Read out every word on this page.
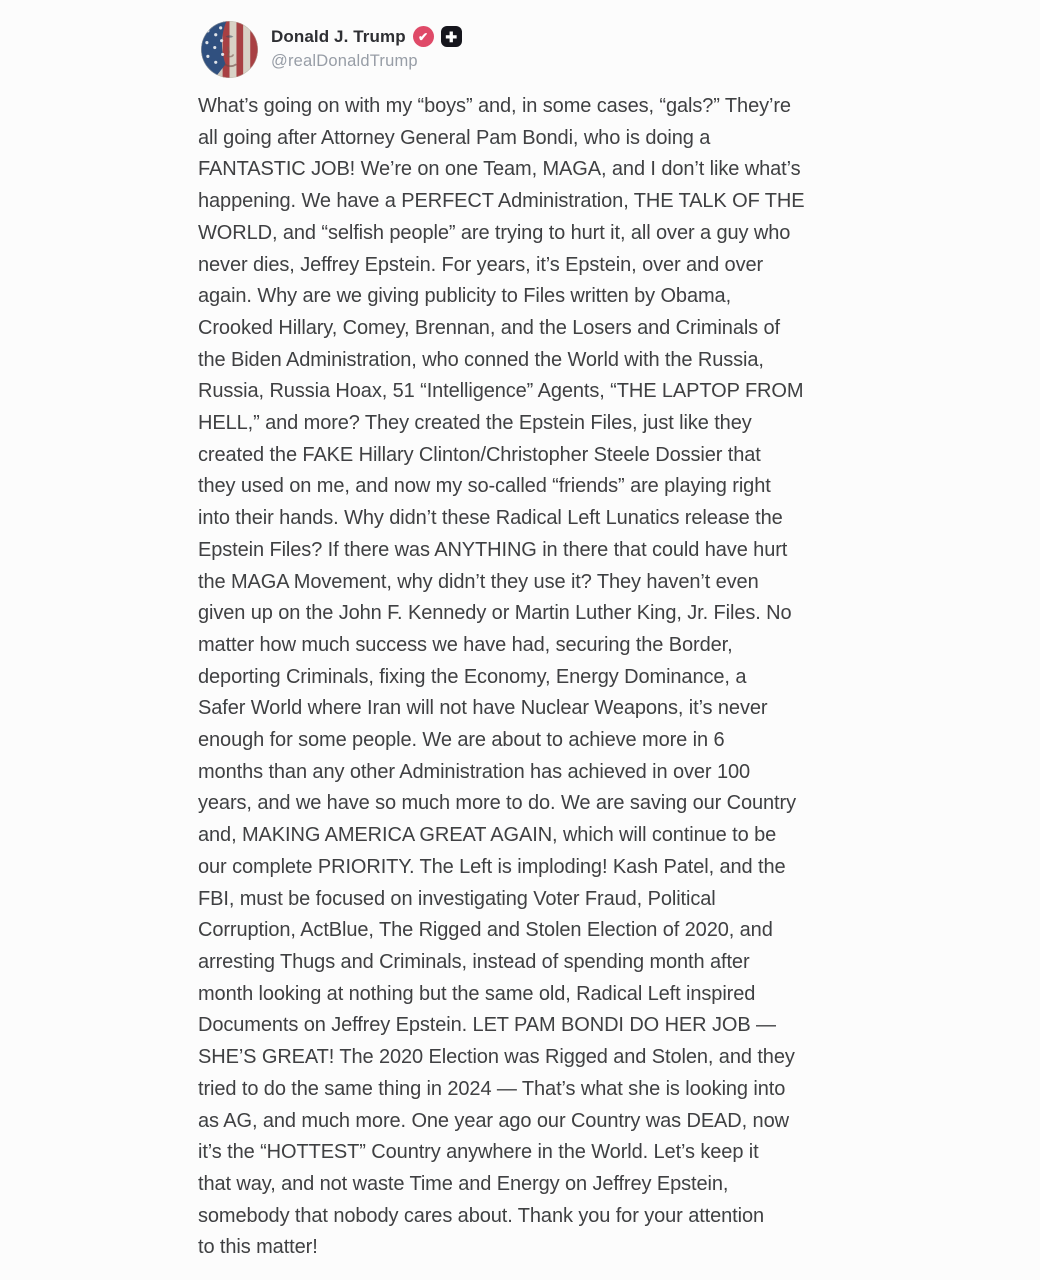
Donald J. Trump	✔	✚
@realDonaldTrump
What’s going on with my “boys” and, in some cases, “gals?” They’re
all going after Attorney General Pam Bondi, who is doing a
FANTASTIC JOB! We’re on one Team, MAGA, and I don’t like what’s
happening. We have a PERFECT Administration, THE TALK OF THE
WORLD, and “selfish people” are trying to hurt it, all over a guy who
never dies, Jeffrey Epstein. For years, it’s Epstein, over and over
again. Why are we giving publicity to Files written by Obama,
Crooked Hillary, Comey, Brennan, and the Losers and Criminals of
the Biden Administration, who conned the World with the Russia,
Russia, Russia Hoax, 51 “Intelligence” Agents, “THE LAPTOP FROM
HELL,” and more? They created the Epstein Files, just like they
created the FAKE Hillary Clinton/Christopher Steele Dossier that
they used on me, and now my so-called “friends” are playing right
into their hands. Why didn’t these Radical Left Lunatics release the
Epstein Files? If there was ANYTHING in there that could have hurt
the MAGA Movement, why didn’t they use it? They haven’t even
given up on the John F. Kennedy or Martin Luther King, Jr. Files. No
matter how much success we have had, securing the Border,
deporting Criminals, fixing the Economy, Energy Dominance, a
Safer World where Iran will not have Nuclear Weapons, it’s never
enough for some people. We are about to achieve more in 6
months than any other Administration has achieved in over 100
years, and we have so much more to do. We are saving our Country
and, MAKING AMERICA GREAT AGAIN, which will continue to be
our complete PRIORITY. The Left is imploding! Kash Patel, and the
FBI, must be focused on investigating Voter Fraud, Political
Corruption, ActBlue, The Rigged and Stolen Election of 2020, and
arresting Thugs and Criminals, instead of spending month after
month looking at nothing but the same old, Radical Left inspired
Documents on Jeffrey Epstein. LET PAM BONDI DO HER JOB —
SHE’S GREAT! The 2020 Election was Rigged and Stolen, and they
tried to do the same thing in 2024 — That’s what she is looking into
as AG, and much more. One year ago our Country was DEAD, now
it’s the “HOTTEST” Country anywhere in the World. Let’s keep it
that way, and not waste Time and Energy on Jeffrey Epstein,
somebody that nobody cares about. Thank you for your attention
to this matter!
